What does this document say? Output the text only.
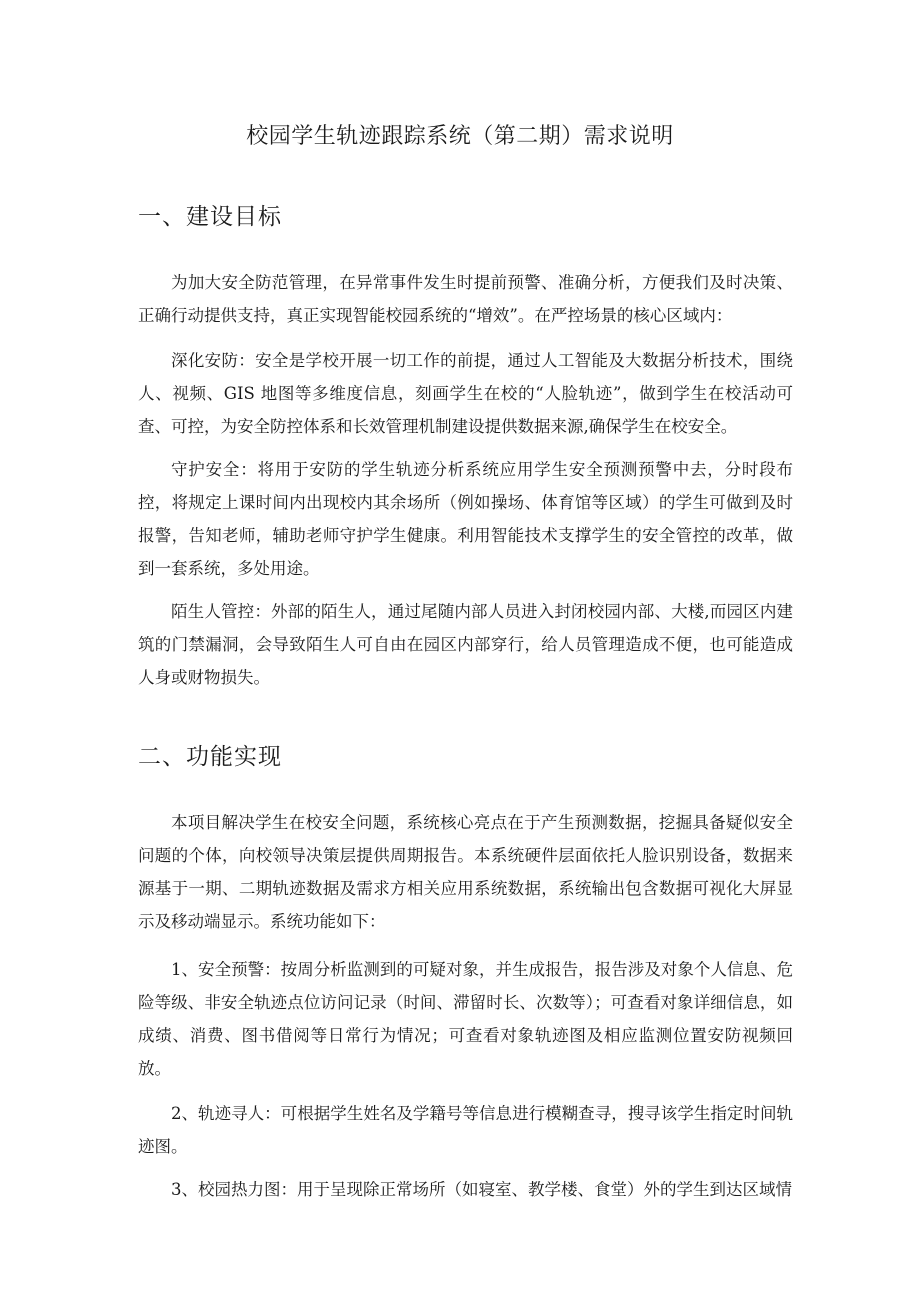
校园学生轨迹跟踪系统（第二期）需求说明
一、建设目标

为加大安全防范管理，在异常事件发生时提前预警、准确分析，方便我们及时决策、正确行动提供支持，真正实现智能校园系统的“增效”。在严控场景的核心区域内：

深化安防：安全是学校开展一切工作的前提，通过人工智能及大数据分析技术，围绕人、视频、GIS 地图等多维度信息，刻画学生在校的“人脸轨迹”，做到学生在校活动可查、可控，为安全防控体系和长效管理机制建设提供数据来源,确保学生在校安全。

守护安全：将用于安防的学生轨迹分析系统应用学生安全预测预警中去，分时段布控，将规定上课时间内出现校内其余场所（例如操场、体育馆等区域）的学生可做到及时报警，告知老师，辅助老师守护学生健康。利用智能技术支撑学生的安全管控的改革，做到一套系统，多处用途。

陌生人管控：外部的陌生人，通过尾随内部人员进入封闭校园内部、大楼,而园区内建筑的门禁漏洞，会导致陌生人可自由在园区内部穿行，给人员管理造成不便，也可能造成人身或财物损失。

二、功能实现

本项目解决学生在校安全问题，系统核心亮点在于产生预测数据，挖掘具备疑似安全问题的个体，向校领导决策层提供周期报告。本系统硬件层面依托人脸识别设备，数据来源基于一期、二期轨迹数据及需求方相关应用系统数据，系统输出包含数据可视化大屏显示及移动端显示。系统功能如下：

1、安全预警：按周分析监测到的可疑对象，并生成报告，报告涉及对象个人信息、危险等级、非安全轨迹点位访问记录（时间、滞留时长、次数等）；可查看对象详细信息，如成绩、消费、图书借阅等日常行为情况；可查看对象轨迹图及相应监测位置安防视频回放。

2、轨迹寻人：可根据学生姓名及学籍号等信息进行模糊查寻，搜寻该学生指定时间轨迹图。

3、校园热力图：用于呈现除正常场所（如寝室、教学楼、食堂）外的学生到达区域情
